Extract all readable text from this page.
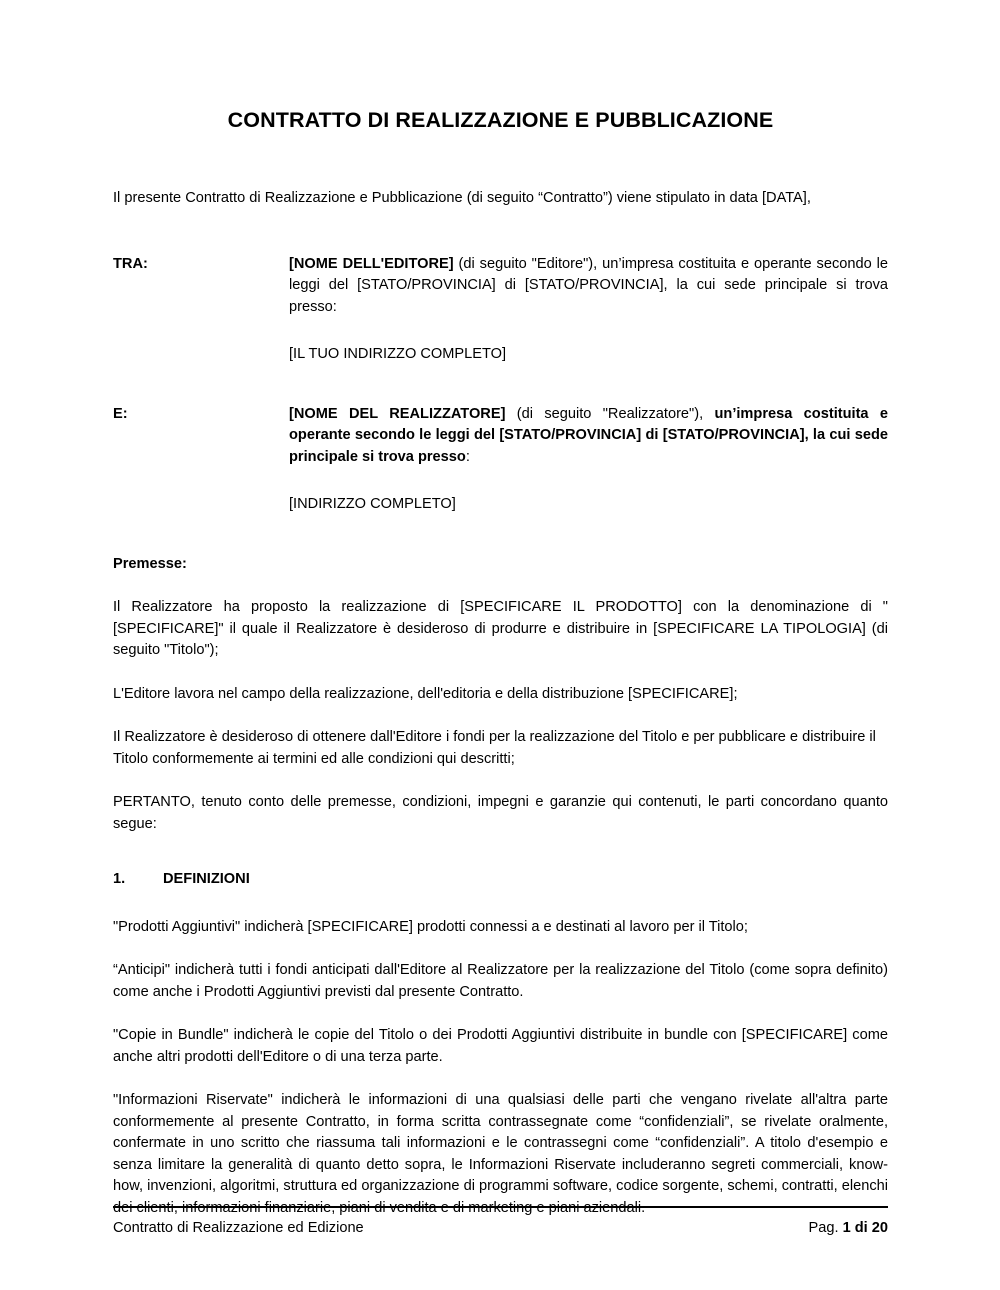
CONTRATTO DI REALIZZAZIONE E PUBBLICAZIONE

Il presente Contratto di Realizzazione e Pubblicazione (di seguito “Contratto”) viene stipulato in data [DATA],

TRA:	[NOME DELL'EDITORE] (di seguito "Editore"), un’impresa costituita e operante secondo le leggi del [STATO/PROVINCIA] di [STATO/PROVINCIA], la cui sede principale si trova presso:

[IL TUO INDIRIZZO COMPLETO]

E:	[NOME DEL REALIZZATORE] (di seguito "Realizzatore"), un’impresa costituita e operante secondo le leggi del [STATO/PROVINCIA] di [STATO/PROVINCIA], la cui sede principale si trova presso:

[INDIRIZZO COMPLETO]

Premesse:

Il Realizzatore ha proposto la realizzazione di [SPECIFICARE IL PRODOTTO] con la denominazione di "[SPECIFICARE]" il quale il Realizzatore è desideroso di produrre e distribuire in [SPECIFICARE LA TIPOLOGIA] (di seguito "Titolo");

L'Editore lavora nel campo della realizzazione, dell'editoria e della distribuzione [SPECIFICARE];

Il Realizzatore è desideroso di ottenere dall'Editore i fondi per la realizzazione del Titolo e per pubblicare e distribuire il Titolo conformemente ai termini ed alle condizioni qui descritti;

PERTANTO, tenuto conto delle premesse, condizioni, impegni e garanzie qui contenuti, le parti concordano quanto segue:

1.	DEFINIZIONI

"Prodotti Aggiuntivi" indicherà [SPECIFICARE] prodotti connessi a e destinati al lavoro per il Titolo;

“Anticipi" indicherà tutti i fondi anticipati dall'Editore al Realizzatore per la realizzazione del Titolo (come sopra definito) come anche i Prodotti Aggiuntivi previsti dal presente Contratto.

"Copie in Bundle" indicherà le copie del Titolo o dei Prodotti Aggiuntivi distribuite in bundle con [SPECIFICARE] come anche altri prodotti dell'Editore o di una terza parte.

"Informazioni Riservate" indicherà le informazioni di una qualsiasi delle parti che vengano rivelate all'altra parte conformemente al presente Contratto, in forma scritta contrassegnate come “confidenziali”, se rivelate oralmente, confermate in uno scritto che riassuma tali informazioni e le contrassegni come “confidenziali”. A titolo d'esempio e senza limitare la generalità di quanto detto sopra, le Informazioni Riservate includeranno segreti commerciali, know-how, invenzioni, algoritmi, struttura ed organizzazione di programmi software, codice sorgente, schemi, contratti, elenchi dei clienti, informazioni finanziarie, piani di vendita e di marketing e piani aziendali.

Contratto di Realizzazione ed Edizione	Pag. 1 di 20
